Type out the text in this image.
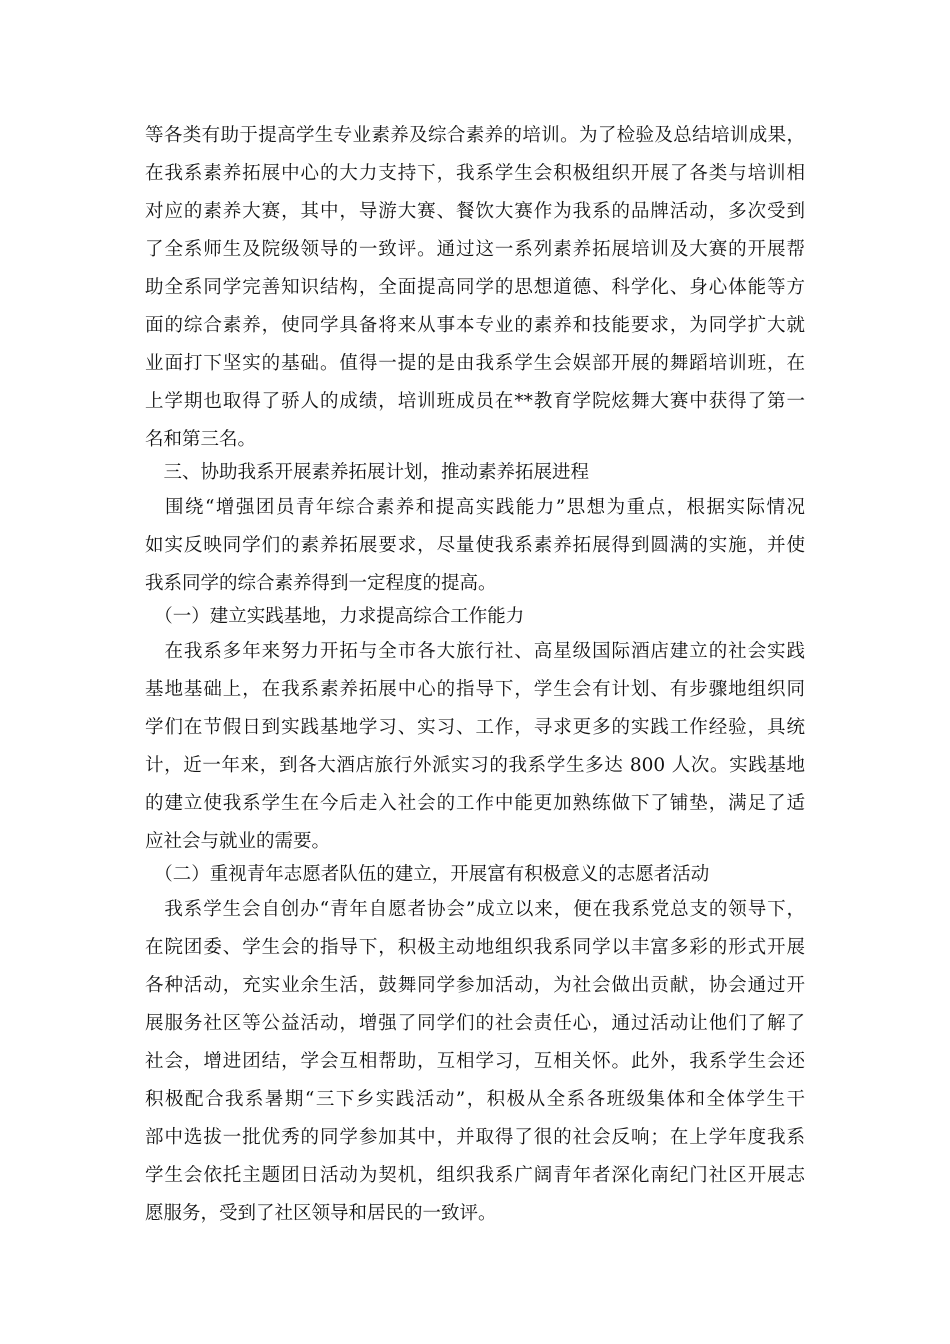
等各类有助于提高学生专业素养及综合素养的培训。为了检验及总结培训成果，
在我系素养拓展中心的大力支持下，我系学生会积极组织开展了各类与培训相
对应的素养大赛，其中，导游大赛、餐饮大赛作为我系的品牌活动，多次受到
了全系师生及院级领导的一致评。通过这一系列素养拓展培训及大赛的开展帮
助全系同学完善知识结构，全面提高同学的思想道德、科学化、身心体能等方
面的综合素养，使同学具备将来从事本专业的素养和技能要求，为同学扩大就
业面打下坚实的基础。值得一提的是由我系学生会娱部开展的舞蹈培训班，在
上学期也取得了骄人的成绩，培训班成员在**教育学院炫舞大赛中获得了第一
名和第三名。
　三、协助我系开展素养拓展计划，推动素养拓展进程
　围绕“增强团员青年综合素养和提高实践能力”思想为重点，根据实际情况
如实反映同学们的素养拓展要求，尽量使我系素养拓展得到圆满的实施，并使
我系同学的综合素养得到一定程度的提高。
　（一）建立实践基地，力求提高综合工作能力
　在我系多年来努力开拓与全市各大旅行社、高星级国际酒店建立的社会实践
基地基础上，在我系素养拓展中心的指导下，学生会有计划、有步骤地组织同
学们在节假日到实践基地学习、实习、工作，寻求更多的实践工作经验，具统
计，近一年来，到各大酒店旅行外派实习的我系学生多达 800 人次。实践基地
的建立使我系学生在今后走入社会的工作中能更加熟练做下了铺垫，满足了适
应社会与就业的需要。
　（二）重视青年志愿者队伍的建立，开展富有积极意义的志愿者活动
　我系学生会自创办“青年自愿者协会”成立以来，便在我系党总支的领导下，
在院团委、学生会的指导下，积极主动地组织我系同学以丰富多彩的形式开展
各种活动，充实业余生活，鼓舞同学参加活动，为社会做出贡献，协会通过开
展服务社区等公益活动，增强了同学们的社会责任心，通过活动让他们了解了
社会，增进团结，学会互相帮助，互相学习，互相关怀。此外，我系学生会还
积极配合我系暑期“三下乡实践活动”，积极从全系各班级集体和全体学生干
部中选拔一批优秀的同学参加其中，并取得了很的社会反响；在上学年度我系
学生会依托主题团日活动为契机，组织我系广阔青年者深化南纪门社区开展志
愿服务，受到了社区领导和居民的一致评。
